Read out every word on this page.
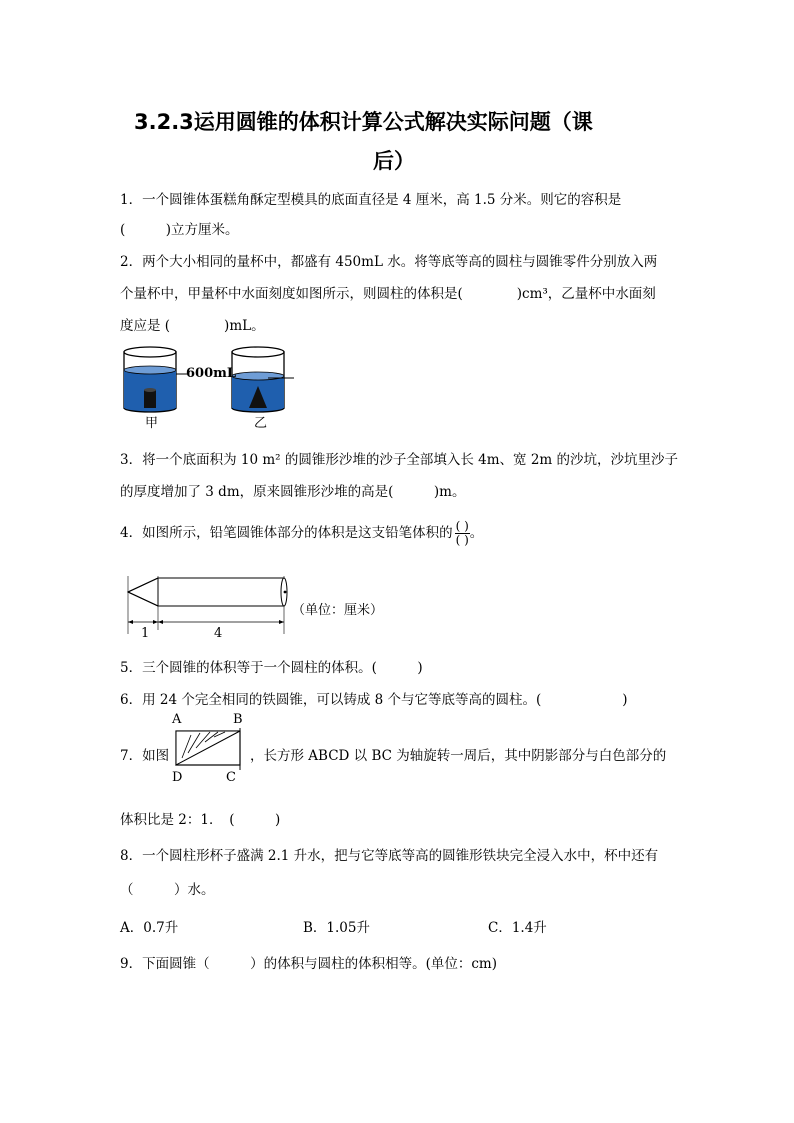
3.2.3运用圆锥的体积计算公式解决实际问题（课
后）
1．一个圆锥体蛋糕角酥定型模具的底面直径是 4 厘米，高 1.5 分米。则它的容积是
(　　　)立方厘米。
2．两个大小相同的量杯中，都盛有 450mL 水。将等底等高的圆柱与圆锥零件分别放入两
个量杯中，甲量杯中水面刻度如图所示，则圆柱的体积是(　　　　)cm³，乙量杯中水面刻
度应是 (　　　　)mL。
600mL
甲	乙
3．将一个底面积为 10 m² 的圆锥形沙堆的沙子全部填入长 4m、宽 2m 的沙坑，沙坑里沙子
的厚度增加了 3 dm，原来圆锥形沙堆的高是(　　　)m。
4．如图所示，铅笔圆锥体部分的体积是这支铅笔体积的 $\frac{( )}{( )}$ 。
1	4
（单位：厘米）
5．三个圆锥的体积等于一个圆柱的体积。(　　　)
6．用 24 个完全相同的铁圆锥，可以铸成 8 个与它等底等高的圆柱。(　　　　　　)
A	B
7．如图	，长方形 ABCD 以 BC 为轴旋转一周后，其中阴影部分与白色部分的
D	C
体积比是 2：1．　(　　　)
8．一个圆柱形杯子盛满 2.1 升水，把与它等底等高的圆锥形铁块完全浸入水中，杯中还有
（　　　）水。
A．0.7升	B．1.05升	C．1.4升
9．下面圆锥（　　　）的体积与圆柱的体积相等。(单位：cm)
